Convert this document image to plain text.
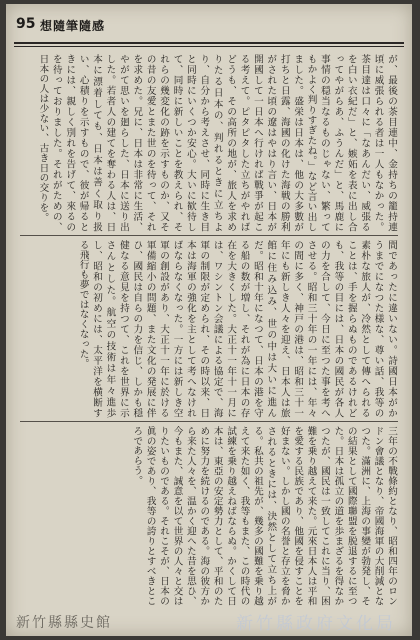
95 想隨筆隨感
が、最後の茶目連中、金持ちの籠持連頃に威張られる者は一人もなかった。茶目達は口々に「なあんだい、威張るを白い衣紀だ」と、嫉妬を表に出し合ってやがらあ、ふうんだ」と、馬鹿に事情の穏当なるものじゃない、繁ってもかよく判りすぎたね。」など言い出しました。盛栄は日本は、他の大多數が打ちと日露、海國の化けた海戦の勝利がされた頃の遼はやはり言い、日本が開國して一日本へ行ければ戰爭が起こる考えて。ピタピタした立ちがやればどうも、その高所の地が、旅人を求めりたる日本の、判れるときに立ちより、自分から考えさせ、同時に生き目と同時にいくつか安心。大いに歓待して、同時に新しいことを教えられ、それらの幾変化の跡を示すものか、又その昔の友愛とまた世のを待って、それを求めた。兄に、日本は非常に生活、やがて思いを廻らした、日本に送り出した。若者人の建てを奪わる人は、日本に漂着しても、日本は善く取り扱い、心積りを示すもので、彼が帰るときには、親しく別れを告げて、來るのを待っておりました。それがための、日本の人は少ない、古き日の交りを。
間であったに違いない。詩國日本がかうまでになつた様な、尊い話、我等の素朴な旅人が、冷然として傳へられることは、手を握らぬものであるけれども、我等の目には、日本の國民が各人の力を合して、今日に至つた事を考へさせる。昭和三十年の一年には、年々の間に多く、神戸の港は、昭和三十一年にも新しき人々を迎え、日本人は旅館に住み込み、世の中は大いに進んだ。昭和十年になつて、日本の港を守る船の数が増し、それが為に日本の存在を大きくした。大正十一年十一月には、ワシントン会議による協定で、海軍の制限が定められ、その時以来、日本は海軍の強化を主として考へなければならなくなった。一方には新しき空軍の創設があり、大正十一年に於ける軍備縮小の問題、また文化の発展に伴ひ、國民は自らの力を信じ、しかも穏健なる意見を持つて、これを世界に示さんとした。航空の技術は年々進歩し、昭和の初めには、太平洋を横断する飛行も夢ではなくなった。
三年の不戰條約となり、昭和四年のロンドン會議となり、帝國海軍の大削減となつた。滿洲に、上海の事變が勃発し、その結果として國際聯盟を脱退するに至つた。日本は孤立の道を歩まざるを得なかつたが、國民は一致してこれに当り、困難を乗り越えて来た。元來日本人は平和を愛する民族であり、他國を侵すことを好まない。しかし國の名誉と存立を脅かされるときには、決然として立ち上がる。私共の祖先が、幾多の國難を乗り越えて来た如く、我等もまた、この時代の試練を乗り越えねばならぬ。かくして日本は、東亞の安定勢力として、平和のために努力を続けるのである。海の彼方から来た人々を、温かく迎へた昔を思ひ、今もまた、誠意を以て世界の人々と交はりたいものである。それこそが、日本の眞の姿であり、我等の誇りとすべきところであらう。
新竹縣縣史館	新竹縣政府文化局
